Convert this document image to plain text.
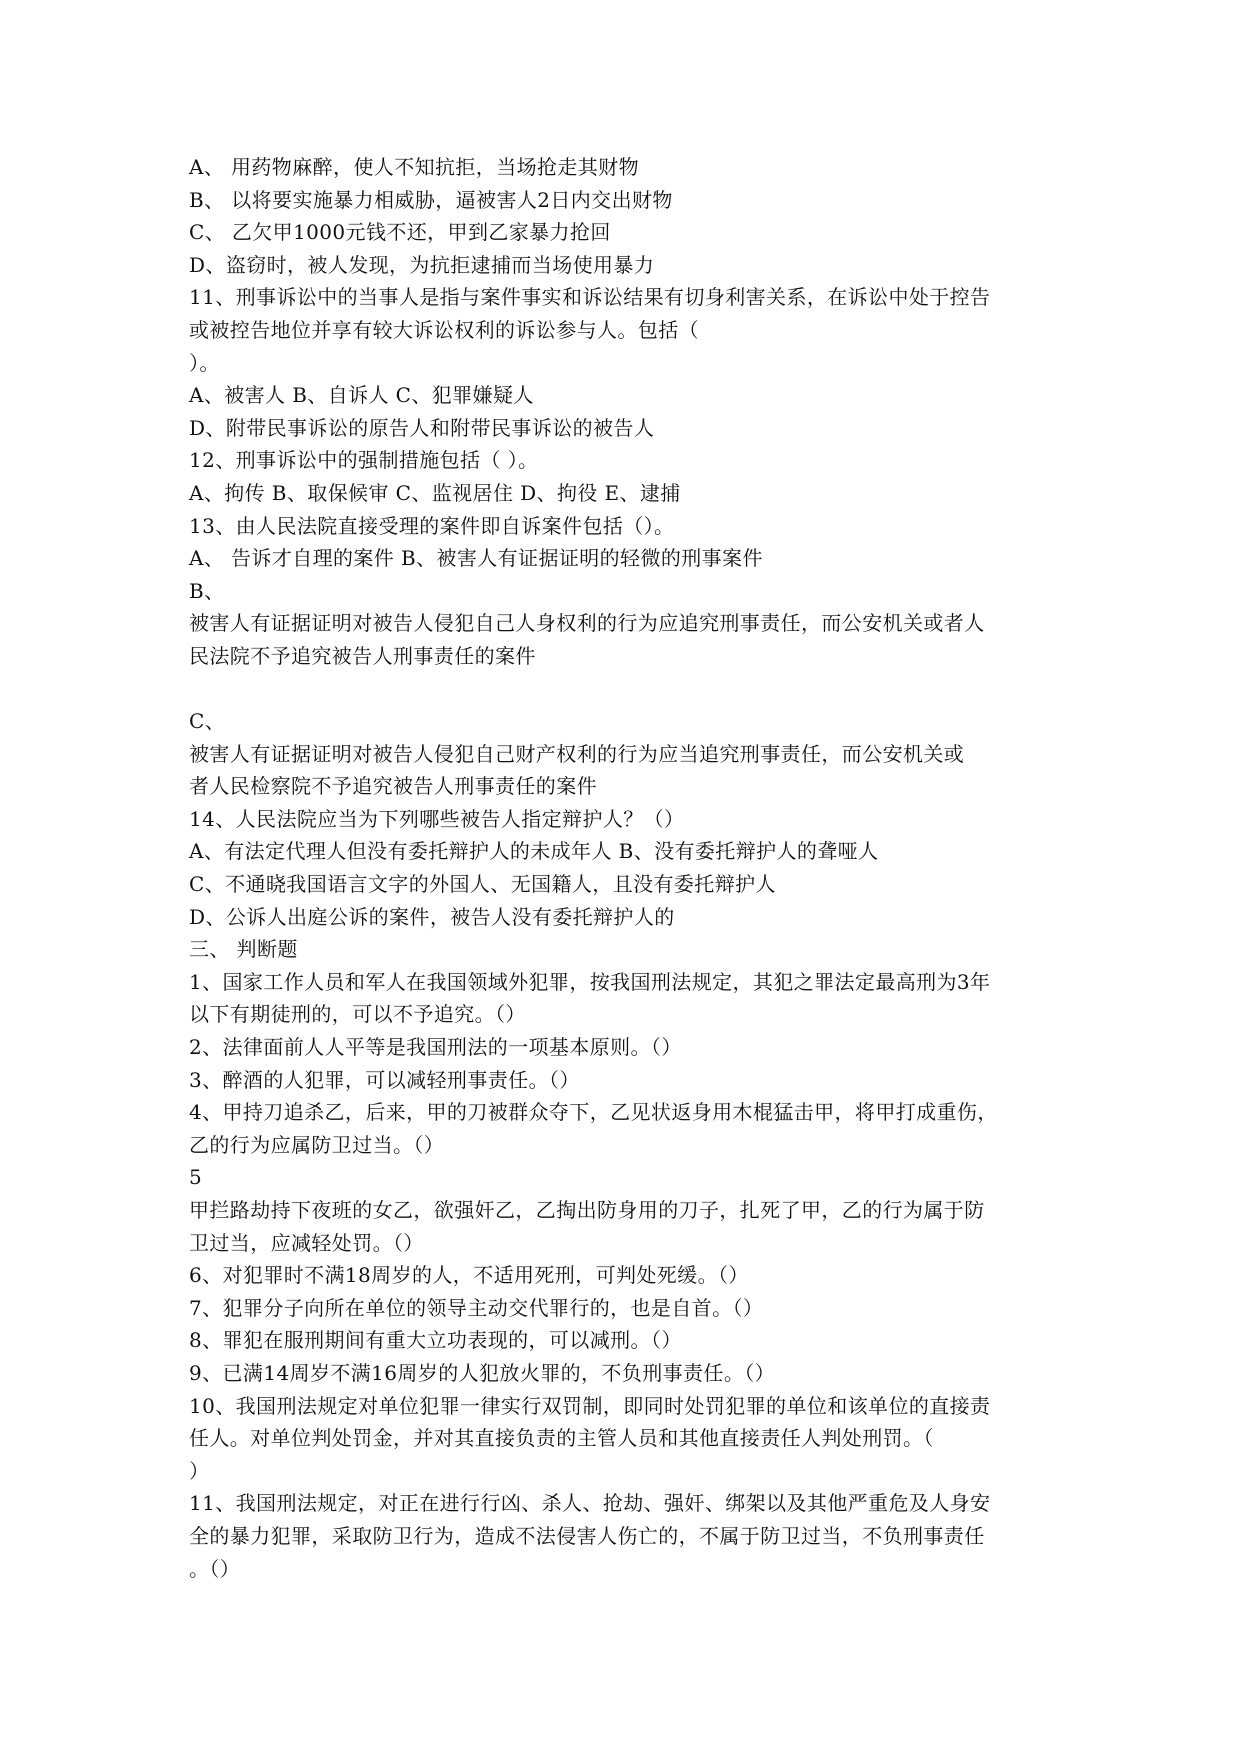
A、 用药物麻醉，使人不知抗拒，当场抢走其财物
B、 以将要实施暴力相威胁，逼被害人2日内交出财物
C、 乙欠甲1000元钱不还，甲到乙家暴力抢回
D、盗窃时，被人发现，为抗拒逮捕而当场使用暴力
11、刑事诉讼中的当事人是指与案件事实和诉讼结果有切身利害关系，在诉讼中处于控告
或被控告地位并享有较大诉讼权利的诉讼参与人。包括（
）。
A、被害人 B、自诉人 C、犯罪嫌疑人
D、附带民事诉讼的原告人和附带民事诉讼的被告人
12、刑事诉讼中的强制措施包括（ ）。
A、拘传 B、取保候审 C、监视居住 D、拘役 E、逮捕
13、由人民法院直接受理的案件即自诉案件包括（）。
A、 告诉才自理的案件 B、被害人有证据证明的轻微的刑事案件
B、
被害人有证据证明对被告人侵犯自己人身权利的行为应追究刑事责任，而公安机关或者人
民法院不予追究被告人刑事责任的案件
C、
被害人有证据证明对被告人侵犯自己财产权利的行为应当追究刑事责任，而公安机关或
者人民检察院不予追究被告人刑事责任的案件
14、人民法院应当为下列哪些被告人指定辩护人？（）
A、有法定代理人但没有委托辩护人的未成年人 B、没有委托辩护人的聋哑人
C、不通晓我国语言文字的外国人、无国籍人，且没有委托辩护人
D、公诉人出庭公诉的案件，被告人没有委托辩护人的
三、 判断题
1、国家工作人员和军人在我国领域外犯罪，按我国刑法规定，其犯之罪法定最高刑为3年
以下有期徒刑的，可以不予追究。（）
2、法律面前人人平等是我国刑法的一项基本原则。（）
3、醉酒的人犯罪，可以减轻刑事责任。（）
4、甲持刀追杀乙，后来，甲的刀被群众夺下，乙见状返身用木棍猛击甲，将甲打成重伤，
乙的行为应属防卫过当。（）
5
甲拦路劫持下夜班的女乙，欲强奸乙，乙掏出防身用的刀子，扎死了甲，乙的行为属于防
卫过当，应减轻处罚。（）
6、对犯罪时不满18周岁的人，不适用死刑，可判处死缓。（）
7、犯罪分子向所在单位的领导主动交代罪行的，也是自首。（）
8、罪犯在服刑期间有重大立功表现的，可以减刑。（）
9、已满14周岁不满16周岁的人犯放火罪的，不负刑事责任。（）
10、我国刑法规定对单位犯罪一律实行双罚制，即同时处罚犯罪的单位和该单位的直接责
任人。对单位判处罚金，并对其直接负责的主管人员和其他直接责任人判处刑罚。（
）
11、我国刑法规定，对正在进行行凶、杀人、抢劫、强奸、绑架以及其他严重危及人身安
全的暴力犯罪，采取防卫行为，造成不法侵害人伤亡的，不属于防卫过当，不负刑事责任
。（）
